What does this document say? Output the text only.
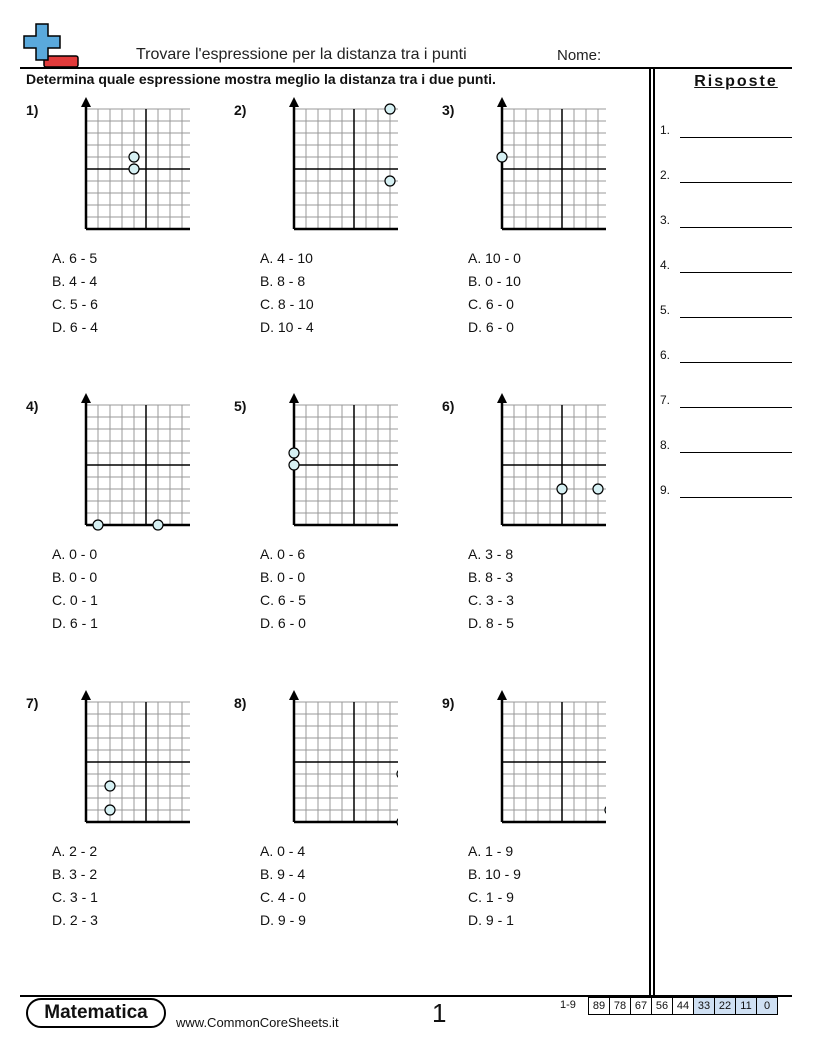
Trovare l'espressione per la distanza tra i punti	Nome:
Determina quale espressione mostra meglio la distanza tra i due punti.	Risposte
1.
2.
3.
4.
5.
6.
7.
8.
9.
1)
A. 6 - 5
B. 4 - 4
C. 5 - 6
D. 6 - 4
2)
A. 4 - 10
B. 8 - 8
C. 8 - 10
D. 10 - 4
3)
A. 10 - 0
B. 0 - 10
C. 6 - 0
D. 6 - 0
4)
A. 0 - 0
B. 0 - 0
C. 0 - 1
D. 6 - 1
5)
A. 0 - 6
B. 0 - 0
C. 6 - 5
D. 6 - 0
6)
A. 3 - 8
B. 8 - 3
C. 3 - 3
D. 8 - 5
7)
A. 2 - 2
B. 3 - 2
C. 3 - 1
D. 2 - 3
8)
A. 0 - 4
B. 9 - 4
C. 4 - 0
D. 9 - 9
9)
A. 1 - 9
B. 10 - 9
C. 1 - 9
D. 9 - 1
Matematica	www.CommonCoreSheets.it	1	1-9 89	78	67	56	44	33	22	11	0
